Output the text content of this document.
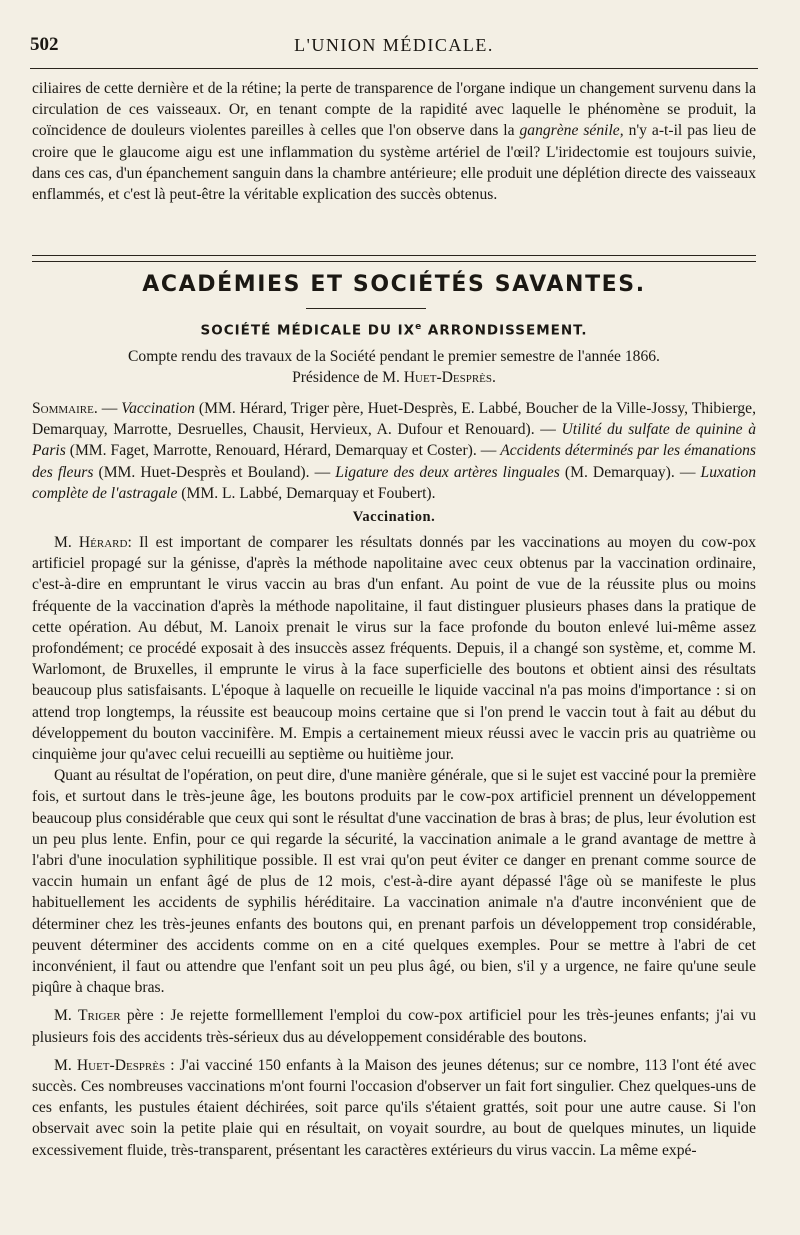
502	L'UNION MÉDICALE.

ciliaires de cette dernière et de la rétine; la perte de transparence de l'organe indique un changement survenu dans la circulation de ces vaisseaux. Or, en tenant compte de la rapidité avec laquelle le phénomène se produit, la coïncidence de douleurs violentes pareilles à celles que l'on observe dans la gangrène sénile, n'y a-t-il pas lieu de croire que le glaucome aigu est une inflammation du système artériel de l'œil? L'iridectomie est toujours suivie, dans ces cas, d'un épanchement sanguin dans la chambre antérieure; elle produit une déplétion directe des vaisseaux enflammés, et c'est là peut-être la véritable explication des succès obtenus.

ACADÉMIES ET SOCIÉTÉS SAVANTES.
SOCIÉTÉ MÉDICALE DU IXe ARRONDISSEMENT.
Compte rendu des travaux de la Société pendant le premier semestre de l'année 1866.
Présidence de M. Huet-Desprès.

Sommaire. — Vaccination (MM. Hérard, Triger père, Huet-Desprès, E. Labbé, Boucher de la Ville-Jossy, Thibierge, Demarquay, Marrotte, Desruelles, Chausit, Hervieux, A. Dufour et Renouard). — Utilité du sulfate de quinine à Paris (MM. Faget, Marrotte, Renouard, Hérard, Demarquay et Coster). — Accidents déterminés par les émanations des fleurs (MM. Huet-Desprès et Bouland). — Ligature des deux artères linguales (M. Demarquay). — Luxation complète de l'astragale (MM. L. Labbé, Demarquay et Foubert).

Vaccination.

M. Hérard: Il est important de comparer les résultats donnés par les vaccinations au moyen du cow-pox artificiel propagé sur la génisse, d'après la méthode napolitaine avec ceux obtenus par la vaccination ordinaire, c'est-à-dire en empruntant le virus vaccin au bras d'un enfant. Au point de vue de la réussite plus ou moins fréquente de la vaccination d'après la méthode napolitaine, il faut distinguer plusieurs phases dans la pratique de cette opération. Au début, M. Lanoix prenait le virus sur la face profonde du bouton enlevé lui-même assez profondément; ce procédé exposait à des insuccès assez fréquents. Depuis, il a changé son système, et, comme M. Warlomont, de Bruxelles, il emprunte le virus à la face superficielle des boutons et obtient ainsi des résultats beaucoup plus satisfaisants. L'époque à laquelle on recueille le liquide vaccinal n'a pas moins d'importance : si on attend trop longtemps, la réussite est beaucoup moins certaine que si l'on prend le vaccin tout à fait au début du développement du bouton vaccinifère. M. Empis a certainement mieux réussi avec le vaccin pris au quatrième ou cinquième jour qu'avec celui recueilli au septième ou huitième jour.

Quant au résultat de l'opération, on peut dire, d'une manière générale, que si le sujet est vacciné pour la première fois, et surtout dans le très-jeune âge, les boutons produits par le cow-pox artificiel prennent un développement beaucoup plus considérable que ceux qui sont le résultat d'une vaccination de bras à bras; de plus, leur évolution est un peu plus lente. Enfin, pour ce qui regarde la sécurité, la vaccination animale a le grand avantage de mettre à l'abri d'une inoculation syphilitique possible. Il est vrai qu'on peut éviter ce danger en prenant comme source de vaccin humain un enfant âgé de plus de 12 mois, c'est-à-dire ayant dépassé l'âge où se manifeste le plus habituellement les accidents de syphilis héréditaire. La vaccination animale n'a d'autre inconvénient que de déterminer chez les très-jeunes enfants des boutons qui, en prenant parfois un développement trop considérable, peuvent déterminer des accidents comme on en a cité quelques exemples. Pour se mettre à l'abri de cet inconvénient, il faut ou attendre que l'enfant soit un peu plus âgé, ou bien, s'il y a urgence, ne faire qu'une seule piqûre à chaque bras.

M. Triger père : Je rejette formelllement l'emploi du cow-pox artificiel pour les très-jeunes enfants; j'ai vu plusieurs fois des accidents très-sérieux dus au développement considérable des boutons.

M. Huet-Desprès : J'ai vacciné 150 enfants à la Maison des jeunes détenus; sur ce nombre, 113 l'ont été avec succès. Ces nombreuses vaccinations m'ont fourni l'occasion d'observer un fait fort singulier. Chez quelques-uns de ces enfants, les pustules étaient déchirées, soit parce qu'ils s'étaient grattés, soit pour une autre cause. Si l'on observait avec soin la petite plaie qui en résultait, on voyait sourdre, au bout de quelques minutes, un liquide excessivement fluide, très-transparent, présentant les caractères extérieurs du virus vaccin. La même expé-
